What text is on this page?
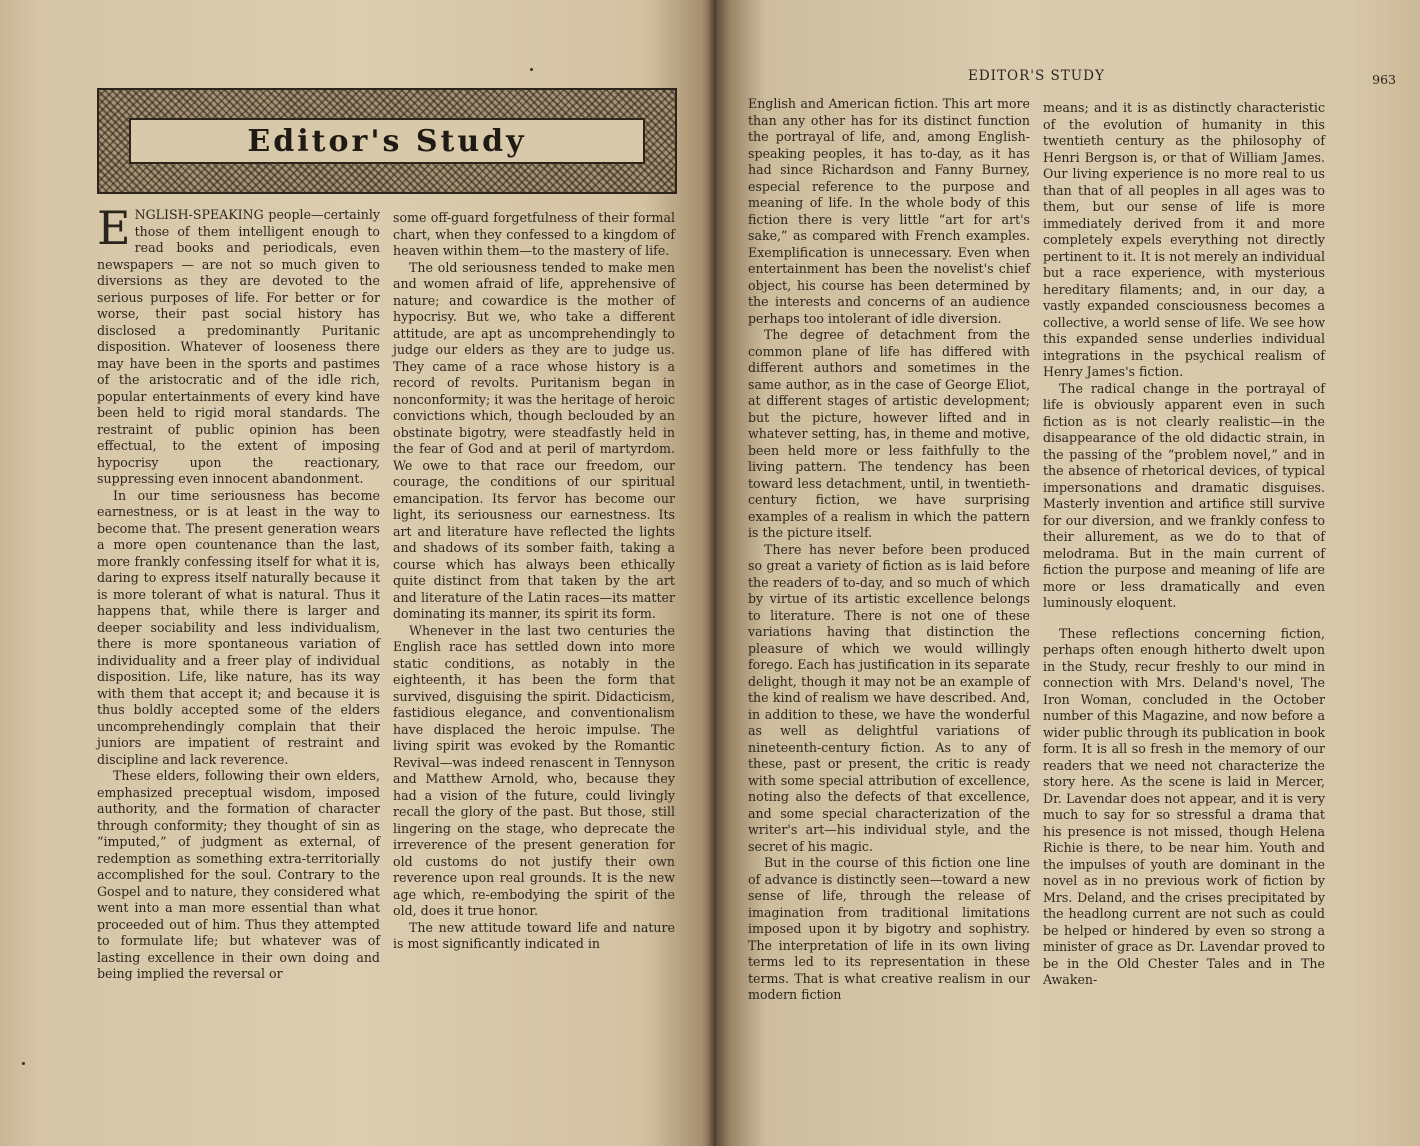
Editor's Study

ENGLISH-SPEAKING people—certainly those of them intelligent enough to read books and periodicals, even newspapers — are not so much given to diversions as they are devoted to the serious purposes of life. For better or for worse, their past social history has disclosed a predominantly Puritanic disposition. Whatever of looseness there may have been in the sports and pastimes of the aristocratic and of the idle rich, popular entertainments of every kind have been held to rigid moral standards. The restraint of public opinion has been effectual, to the extent of imposing hypocrisy upon the reactionary, suppressing even innocent abandonment.

In our time seriousness has become earnestness, or is at least in the way to become that. The present generation wears a more open countenance than the last, more frankly confessing itself for what it is, daring to express itself naturally because it is more tolerant of what is natural. Thus it happens that, while there is larger and deeper sociability and less individualism, there is more spontaneous variation of individuality and a freer play of individual disposition. Life, like nature, has its way with them that accept it; and because it is thus boldly accepted some of the elders uncomprehendingly complain that their juniors are impatient of restraint and discipline and lack reverence.

These elders, following their own elders, emphasized preceptual wisdom, imposed authority, and the formation of character through conformity; they thought of sin as “imputed,” of judgment as external, of redemption as something extra-territorially accomplished for the soul. Contrary to the Gospel and to nature, they considered what went into a man more essential than what proceeded out of him. Thus they attempted to formulate life; but whatever was of lasting excellence in their own doing and being implied the reversal or

some off-guard forgetfulness of their formal chart, when they confessed to a kingdom of heaven within them—to the mastery of life.

The old seriousness tended to make men and women afraid of life, apprehensive of nature; and cowardice is the mother of hypocrisy. But we, who take a different attitude, are apt as uncomprehendingly to judge our elders as they are to judge us. They came of a race whose history is a record of revolts. Puritanism began in nonconformity; it was the heritage of heroic convictions which, though beclouded by an obstinate bigotry, were steadfastly held in the fear of God and at peril of martyrdom. We owe to that race our freedom, our courage, the conditions of our spiritual emancipation. Its fervor has become our light, its seriousness our earnestness. Its art and literature have reflected the lights and shadows of its somber faith, taking a course which has always been ethically quite distinct from that taken by the art and literature of the Latin races—its matter dominating its manner, its spirit its form.

Whenever in the last two centuries the English race has settled down into more static conditions, as notably in the eighteenth, it has been the form that survived, disguising the spirit. Didacticism, fastidious elegance, and conventionalism have displaced the heroic impulse. The living spirit was evoked by the Romantic Revival—was indeed renascent in Tennyson and Matthew Arnold, who, because they had a vision of the future, could livingly recall the glory of the past. But those, still lingering on the stage, who deprecate the irreverence of the present generation for old customs do not justify their own reverence upon real grounds. It is the new age which, re-embodying the spirit of the old, does it true honor.

The new attitude toward life and nature is most significantly indicated in

EDITOR'S STUDY	963

English and American fiction. This art more than any other has for its distinct function the portrayal of life, and, among English-speaking peoples, it has to-day, as it has had since Richardson and Fanny Burney, especial reference to the purpose and meaning of life. In the whole body of this fiction there is very little “art for art's sake,” as compared with French examples. Exemplification is unnecessary. Even when entertainment has been the novelist's chief object, his course has been determined by the interests and concerns of an audience perhaps too intolerant of idle diversion.

The degree of detachment from the common plane of life has differed with different authors and sometimes in the same author, as in the case of George Eliot, at different stages of artistic development; but the picture, however lifted and in whatever setting, has, in theme and motive, been held more or less faithfully to the living pattern. The tendency has been toward less detachment, until, in twentieth-century fiction, we have surprising examples of a realism in which the pattern is the picture itself.

There has never before been produced so great a variety of fiction as is laid before the readers of to-day, and so much of which by virtue of its artistic excellence belongs to literature. There is not one of these variations having that distinction the pleasure of which we would willingly forego. Each has justification in its separate delight, though it may not be an example of the kind of realism we have described. And, in addition to these, we have the wonderful as well as delightful variations of nineteenth-century fiction. As to any of these, past or present, the critic is ready with some special attribution of excellence, noting also the defects of that excellence, and some special characterization of the writer's art—his individual style, and the secret of his magic.

But in the course of this fiction one line of advance is distinctly seen—toward a new sense of life, through the release of imagination from traditional limitations imposed upon it by bigotry and sophistry. The interpretation of life in its own living terms led to its representation in these terms. That is what creative realism in our modern fiction

means; and it is as distinctly characteristic of the evolution of humanity in this twentieth century as the philosophy of Henri Bergson is, or that of William James. Our living experience is no more real to us than that of all peoples in all ages was to them, but our sense of life is more immediately derived from it and more completely expels everything not directly pertinent to it. It is not merely an individual but a race experience, with mysterious hereditary filaments; and, in our day, a vastly expanded consciousness becomes a collective, a world sense of life. We see how this expanded sense underlies individual integrations in the psychical realism of Henry James's fiction.

The radical change in the portrayal of life is obviously apparent even in such fiction as is not clearly realistic—in the disappearance of the old didactic strain, in the passing of the “problem novel,” and in the absence of rhetorical devices, of typical impersonations and dramatic disguises. Masterly invention and artifice still survive for our diversion, and we frankly confess to their allurement, as we do to that of melodrama. But in the main current of fiction the purpose and meaning of life are more or less dramatically and even luminously eloquent.

These reflections concerning fiction, perhaps often enough hitherto dwelt upon in the Study, recur freshly to our mind in connection with Mrs. Deland's novel, The Iron Woman, concluded in the October number of this Magazine, and now before a wider public through its publication in book form. It is all so fresh in the memory of our readers that we need not characterize the story here. As the scene is laid in Mercer, Dr. Lavendar does not appear, and it is very much to say for so stressful a drama that his presence is not missed, though Helena Richie is there, to be near him. Youth and the impulses of youth are dominant in the novel as in no previous work of fiction by Mrs. Deland, and the crises precipitated by the headlong current are not such as could be helped or hindered by even so strong a minister of grace as Dr. Lavendar proved to be in the Old Chester Tales and in The Awaken-
